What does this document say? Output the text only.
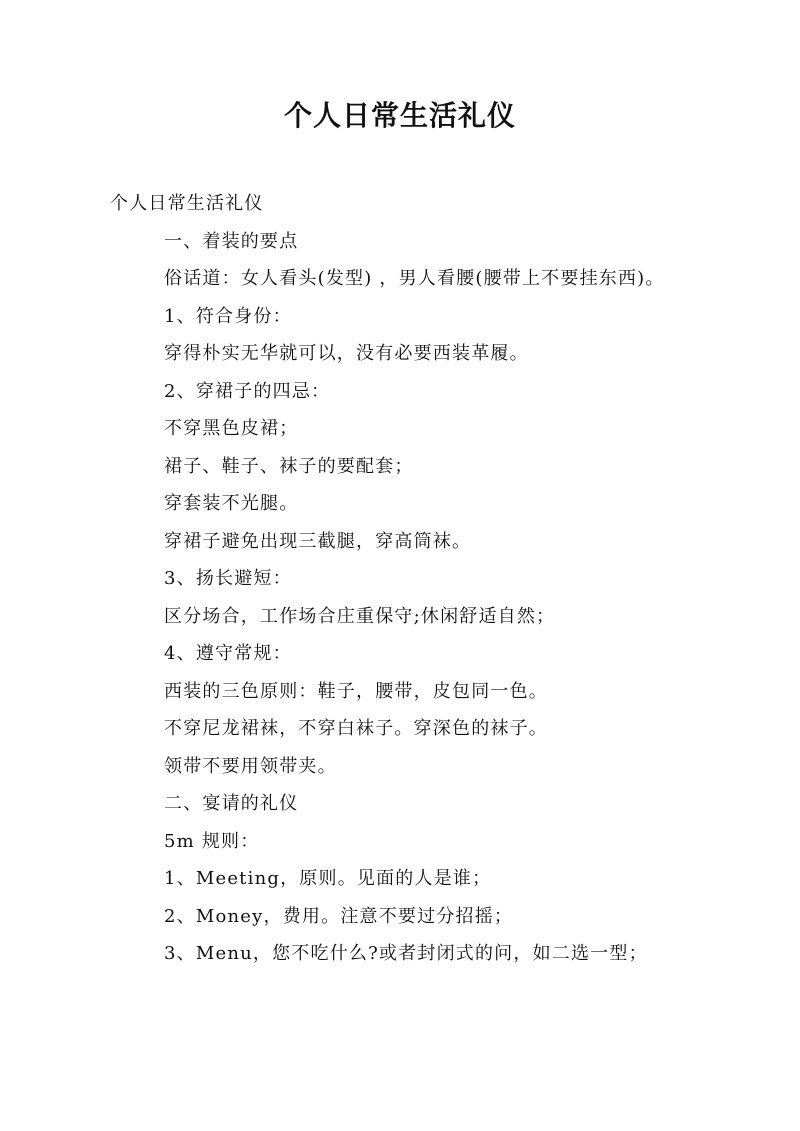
个人日常生活礼仪

个人日常生活礼仪

一、着装的要点

俗话道：女人看头(发型) ，男人看腰(腰带上不要挂东西)。

1、符合身份：

穿得朴实无华就可以，没有必要西装革履。

2、穿裙子的四忌：

不穿黑色皮裙；

裙子、鞋子、袜子的要配套；

穿套装不光腿。

穿裙子避免出现三截腿，穿高筒袜。

3、扬长避短：

区分场合，工作场合庄重保守;休闲舒适自然；

4、遵守常规：

西装的三色原则：鞋子，腰带，皮包同一色。

不穿尼龙裙袜，不穿白袜子。穿深色的袜子。

领带不要用领带夹。

二、宴请的礼仪

5m 规则：

1、Meeting，原则。见面的人是谁；

2、Money，费用。注意不要过分招摇；

3、Menu，您不吃什么?或者封闭式的问，如二选一型；
